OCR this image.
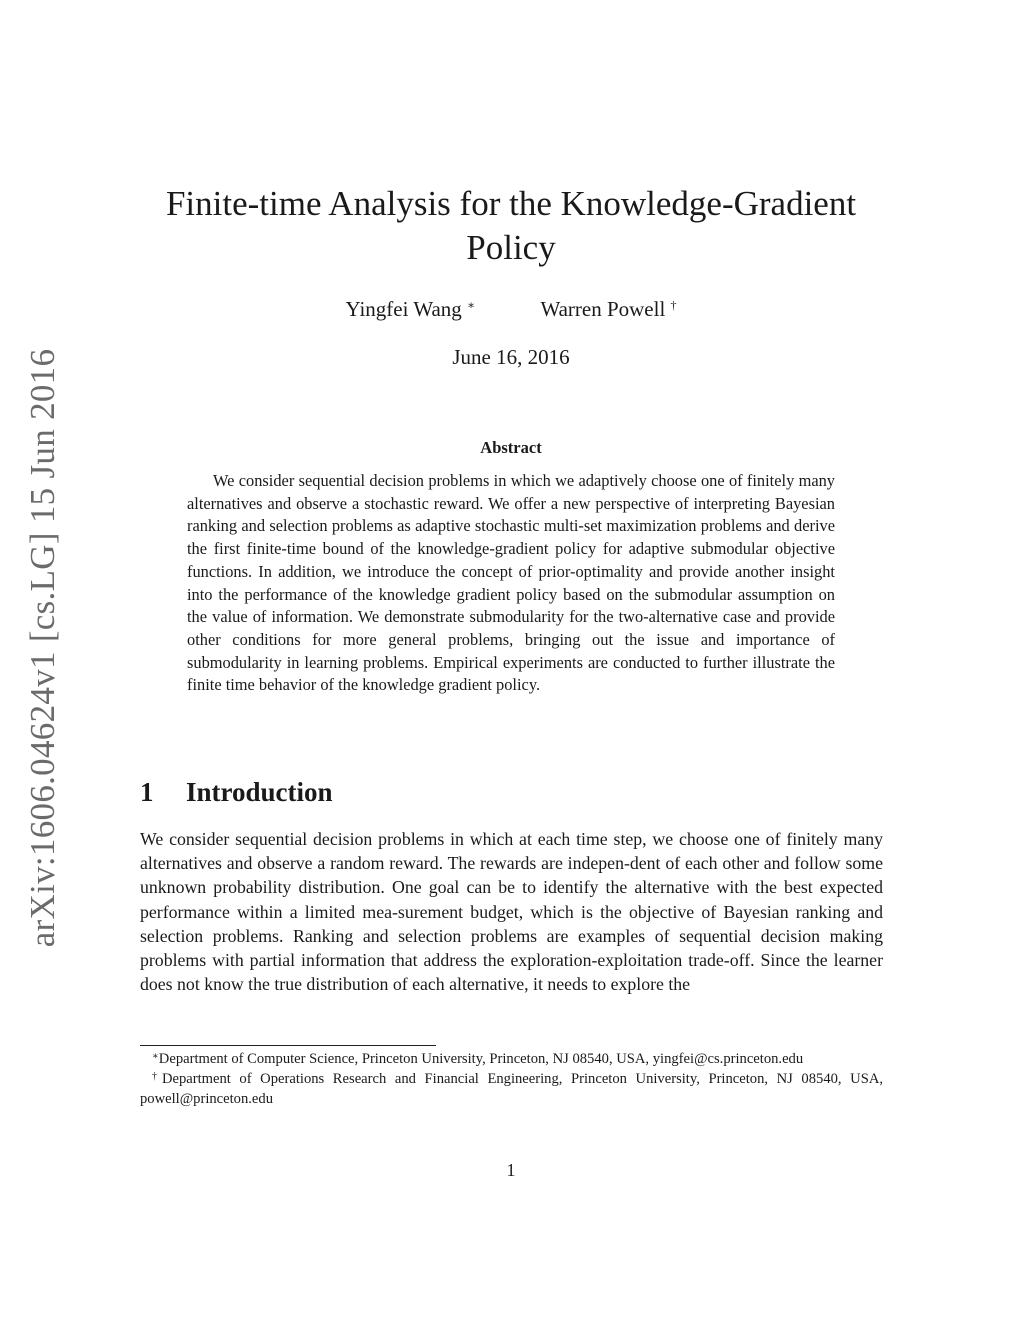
arXiv:1606.04624v1 [cs.LG] 15 Jun 2016
Finite-time Analysis for the Knowledge-Gradient Policy
Yingfei Wang ∗	Warren Powell †
June 16, 2016
Abstract

We consider sequential decision problems in which we adaptively choose one of finitely many alternatives and observe a stochastic reward. We offer a new perspective of interpreting Bayesian ranking and selection problems as adaptive stochastic multi-set maximization problems and derive the first finite-time bound of the knowledge-gradient policy for adaptive submodular objective functions. In addition, we introduce the concept of prior-optimality and provide another insight into the performance of the knowledge gradient policy based on the submodular assumption on the value of information. We demonstrate submodularity for the two-alternative case and provide other conditions for more general problems, bringing out the issue and importance of submodularity in learning problems. Empirical experiments are conducted to further illustrate the finite time behavior of the knowledge gradient policy.

1 Introduction

We consider sequential decision problems in which at each time step, we choose one of finitely many alternatives and observe a random reward. The rewards are indepen-dent of each other and follow some unknown probability distribution. One goal can be to identify the alternative with the best expected performance within a limited mea-surement budget, which is the objective of Bayesian ranking and selection problems. Ranking and selection problems are examples of sequential decision making problems with partial information that address the exploration-exploitation trade-off. Since the learner does not know the true distribution of each alternative, it needs to explore the

∗Department of Computer Science, Princeton University, Princeton, NJ 08540, USA, yingfei@cs.princeton.edu

†Department of Operations Research and Financial Engineering, Princeton University, Princeton, NJ 08540, USA, powell@princeton.edu

1
